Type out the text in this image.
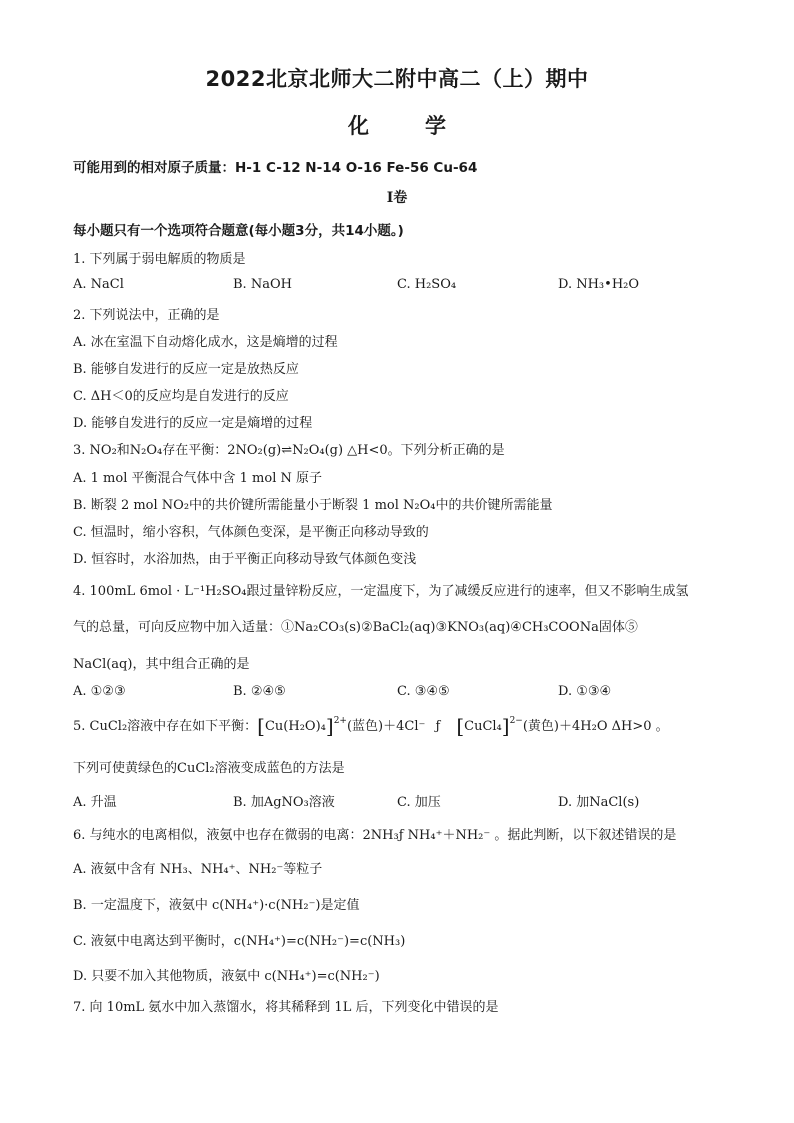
2022北京北师大二附中高二（上）期中
化	学
可能用到的相对原子质量：H-1 C-12 N-14 O-16 Fe-56 Cu-64
I卷
每小题只有一个选项符合题意(每小题3分，共14小题。)
1. 下列属于弱电解质的物质是
A. NaCl	B. NaOH	C. H₂SO₄	D. NH₃•H₂O
2. 下列说法中，正确的是
A. 冰在室温下自动熔化成水，这是熵增的过程
B. 能够自发进行的反应一定是放热反应
C. ΔH＜0的反应均是自发进行的反应
D. 能够自发进行的反应一定是熵增的过程
3. NO₂和N₂O₄存在平衡：2NO₂(g)⇌N₂O₄(g) △H<0。下列分析正确的是
A. 1 mol 平衡混合气体中含 1 mol N 原子
B. 断裂 2 mol NO₂中的共价键所需能量小于断裂 1 mol N₂O₄中的共价键所需能量
C. 恒温时，缩小容积，气体颜色变深，是平衡正向移动导致的
D. 恒容时，水浴加热，由于平衡正向移动导致气体颜色变浅
4. 100mL 6mol · L⁻¹H₂SO₄跟过量锌粉反应，一定温度下，为了减缓反应进行的速率，但又不影响生成氢
气的总量，可向反应物中加入适量：①Na₂CO₃(s)②BaCl₂(aq)③KNO₃(aq)④CH₃COONa固体⑤
NaCl(aq)，其中组合正确的是
A. ①②③	B. ②④⑤	C. ③④⑤	D. ①③④
5. CuCl₂溶液中存在如下平衡：$[Cu(H_2O)_4]^{2+}$(蓝色)＋4Cl⁻ ƒ [CuCl₄]$^{2-}$(黄色)＋4H₂O ΔH>0 。
下列可使黄绿色的CuCl₂溶液变成蓝色的方法是
A. 升温	B. 加AgNO₃溶液	C. 加压	D. 加NaCl(s)
6. 与纯水的电离相似，液氨中也存在微弱的电离：2NH₃ƒ NH₄⁺＋NH₂⁻ 。据此判断，以下叙述错误的是
A. 液氨中含有 NH₃、NH₄⁺、NH₂⁻等粒子
B. 一定温度下，液氨中 c(NH₄⁺)·c(NH₂⁻)是定值
C. 液氨中电离达到平衡时，c(NH₄⁺)=c(NH₂⁻)=c(NH₃)
D. 只要不加入其他物质，液氨中 c(NH₄⁺)=c(NH₂⁻)
7. 向 10mL 氨水中加入蒸馏水，将其稀释到 1L 后，下列变化中错误的是
